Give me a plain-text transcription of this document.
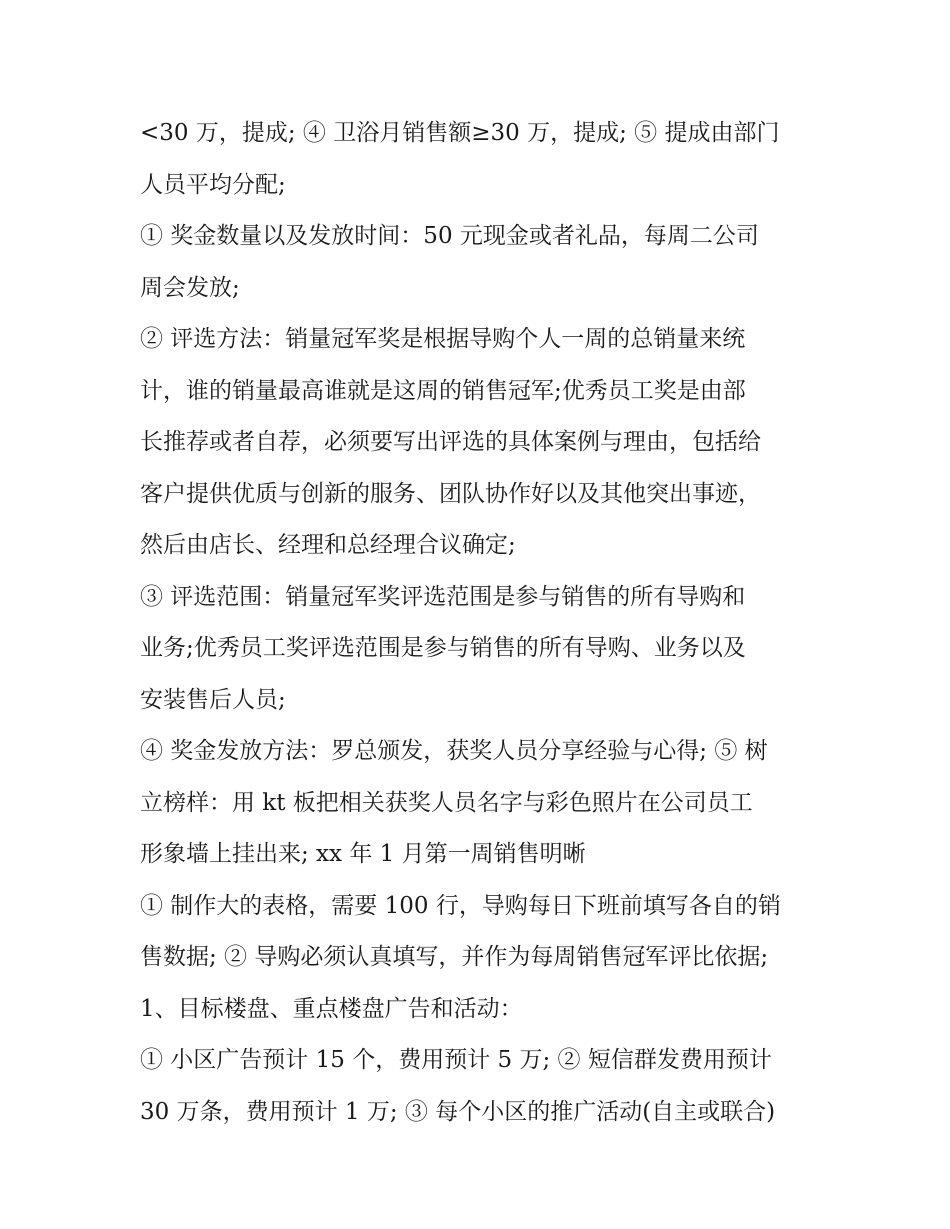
<30 万，提成; ④ 卫浴月销售额≥30 万，提成; ⑤ 提成由部门
人员平均分配;
① 奖金数量以及发放时间：50 元现金或者礼品，每周二公司
周会发放;
② 评选方法：销量冠军奖是根据导购个人一周的总销量来统
计，谁的销量最高谁就是这周的销售冠军;优秀员工奖是由部
长推荐或者自荐，必须要写出评选的具体案例与理由，包括给
客户提供优质与创新的服务、团队协作好以及其他突出事迹，
然后由店长、经理和总经理合议确定;
③ 评选范围：销量冠军奖评选范围是参与销售的所有导购和
业务;优秀员工奖评选范围是参与销售的所有导购、业务以及
安装售后人员;
④ 奖金发放方法：罗总颁发，获奖人员分享经验与心得; ⑤ 树
立榜样：用 kt 板把相关获奖人员名字与彩色照片在公司员工
形象墙上挂出来; xx 年 1 月第一周销售明晰
① 制作大的表格，需要 100 行，导购每日下班前填写各自的销
售数据; ② 导购必须认真填写，并作为每周销售冠军评比依据;
1、目标楼盘、重点楼盘广告和活动：
① 小区广告预计 15 个，费用预计 5 万; ② 短信群发费用预计
30 万条，费用预计 1 万; ③ 每个小区的推广活动(自主或联合)
